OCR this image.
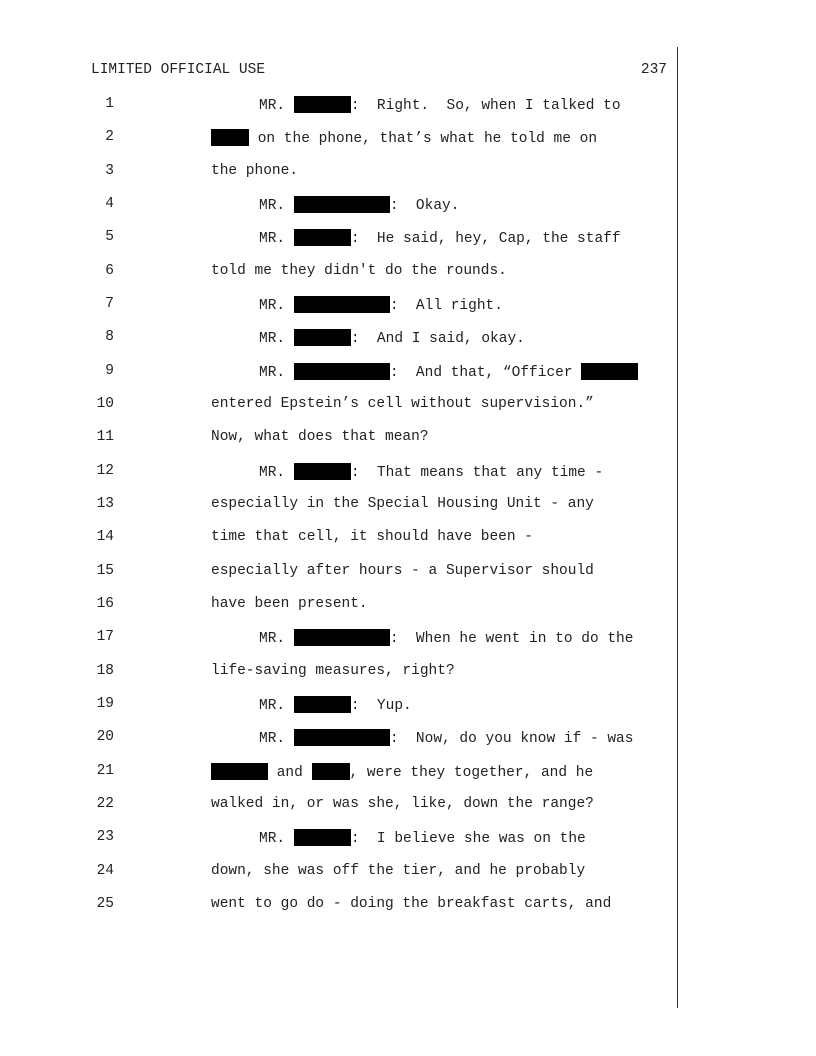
LIMITED OFFICIAL USE	237
1	MR.	:  Right.  So, when I talked to
2	on the phone, that’s what he told me on
3	the phone.
4	MR.	:  Okay.
5	MR.	:  He said, hey, Cap, the staff
6	told me they didn't do the rounds.
7	MR.	:  All right.
8	MR.	:  And I said, okay.
9	MR.	:  And that, “Officer
10	entered Epstein’s cell without supervision.”
11	Now, what does that mean?
12	MR.	:  That means that any time -
13	especially in the Special Housing Unit - any
14	time that cell, it should have been -
15	especially after hours - a Supervisor should
16	have been present.
17	MR.	:  When he went in to do the
18	life-saving measures, right?
19	MR.	:  Yup.
20	MR.	:  Now, do you know if - was
21	and	, were they together, and he
22	walked in, or was she, like, down the range?
23	MR.	:  I believe she was on the
24	down, she was off the tier, and he probably
25	went to go do - doing the breakfast carts, and
